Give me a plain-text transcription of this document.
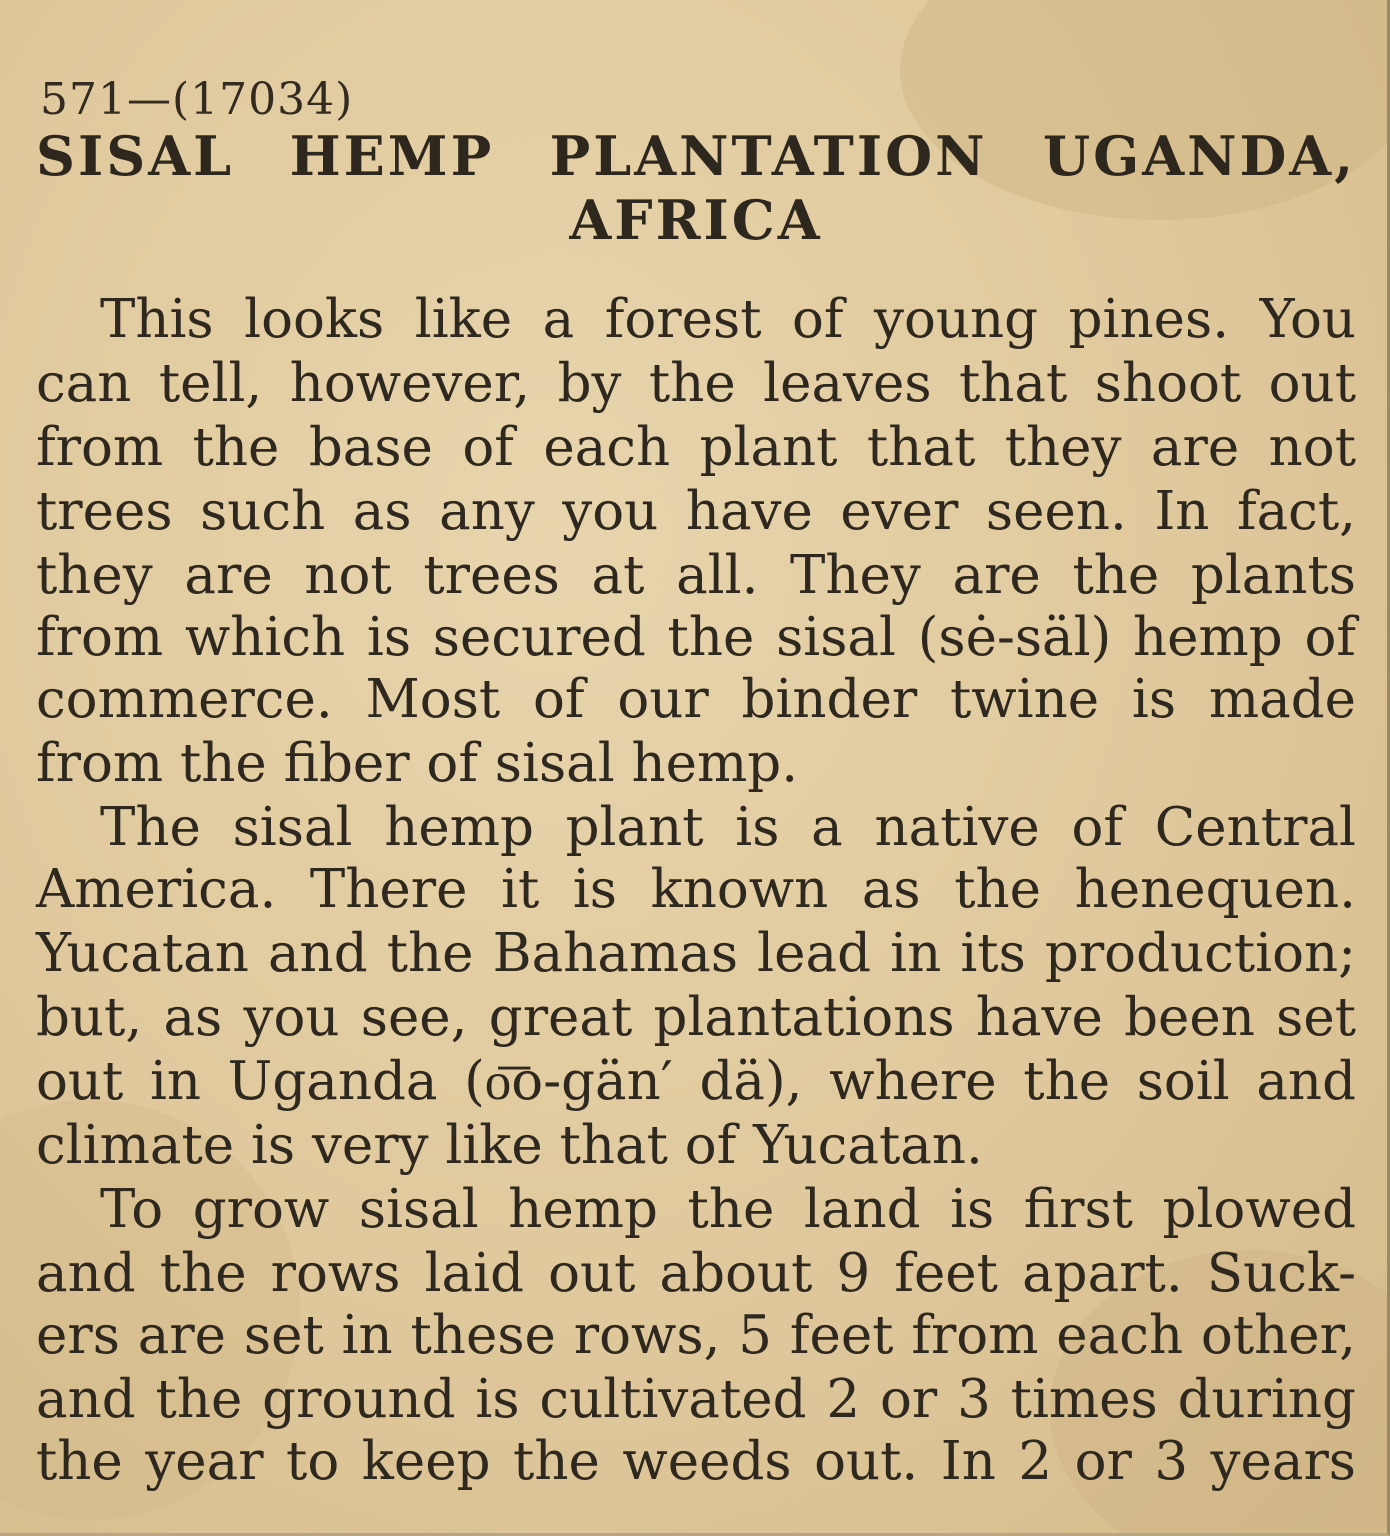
571—(17034)
SISAL HEMP PLANTATION UGANDA,
AFRICA
This looks like a forest of young pines. You
can tell, however, by the leaves that shoot out
from the base of each plant that they are not
trees such as any you have ever seen. In fact,
they are not trees at all. They are the plants
from which is secured the sisal (sė-säl) hemp of
commerce. Most of our binder twine is made
from the fiber of sisal hemp.
The sisal hemp plant is a native of Central
America. There it is known as the henequen.
Yucatan and the Bahamas lead in its production;
but, as you see, great plantations have been set
out in Uganda (o͞o-gän′ dä), where the soil and
climate is very like that of Yucatan.
To grow sisal hemp the land is first plowed
and the rows laid out about 9 feet apart. Suck-
ers are set in these rows, 5 feet from each other,
and the ground is cultivated 2 or 3 times during
the year to keep the weeds out. In 2 or 3 years
